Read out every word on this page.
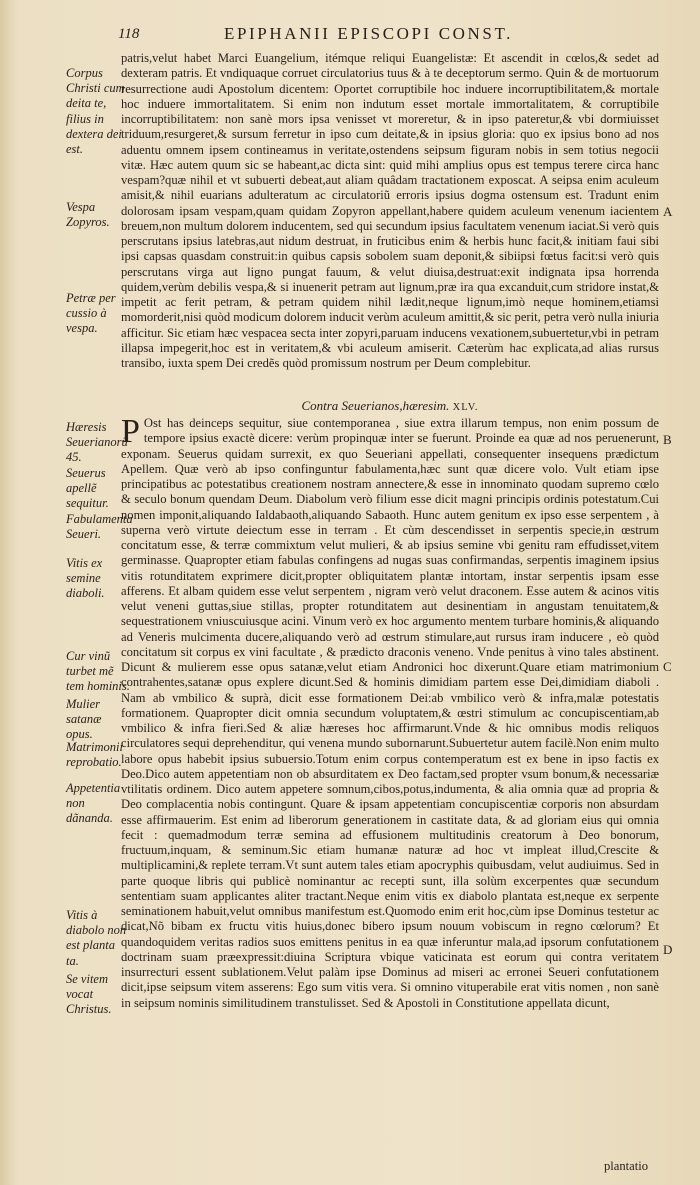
118	EPIPHANII EPISCOPI CONST.
Corpus Christi cum deita te, filius in dextera dei est.
Vespa Zopyros.
Petræ per cussio à vespa.
Hæresis Seuerianorũ 45.
Seuerus apellẽ sequitur.
Fabulamenta Seueri.
Vitis ex semine diaboli.
Cur vinũ turbet mẽ tem hominis.
Mulier satanæ opus.
Matrimonii reprobatio.
Appetentia non dãnanda.
Vitis à diabolo non est planta ta.
Se vitem vocat Christus.
A
B
C
D

patris,velut habet Marci Euangelium, itémque reliqui Euangelistæ: Et ascendit in cœlos,& sedet ad dexteram patris. Et vndiquaque corruet circulatorius tuus & à te deceptorum sermo. Quin & de mortuorum resurrectione audi Apostolum dicentem: Oportet corruptibile hoc induere incorruptibilitatem,& mortale hoc induere immortalitatem. Si enim non indutum esset mortale immortalitatem, & corruptibile incorruptibilitatem: non sanè mors ipsa venisset vt moreretur, & in ipso pateretur,& vbi dormiuisset triduum,resurgeret,& sursum ferretur in ipso cum deitate,& in ipsius gloria: quo ex ipsius bono ad nos aduentu omnem ipsem contineamus in veritate,ostendens seipsum figuram nobis in sem totius negocii vitæ. Hæc autem quum sic se habeant,ac dicta sint: quid mihi amplius opus est tempus terere circa hanc vespam?quæ nihil et vt subuerti debeat,aut aliam quâdam tractationem exposcat. A seipsa enim aculeum amisit,& nihil euarians adulteratum ac circulatoriũ erroris ipsius dogma ostensum est. Tradunt enim dolorosam ipsam vespam,quam quidam Zopyron appellant,habere quidem aculeum venenum iacientem breuem,non multum dolorem inducentem, sed qui secundum ipsius facultatem venenum iaciat.Si verò quis perscrutans ipsius latebras,aut nidum destruat, in fruticibus enim & herbis hunc facit,& initiam faui sibi ipsi capsas quasdam construit:in quibus capsis sobolem suam deponit,& sibiipsi fœtus facit:si verò quis perscrutans virga aut ligno pungat fauum, & velut diuisa,destruat:exit indignata ipsa horrenda quidem,verùm debilis vespa,& si inuenerit petram aut lignum,præ ira qua excanduit,cum stridore instat,& impetit ac ferit petram, & petram quidem nihil lædit,neque lignum,imò neque hominem,etiamsi momorderit,nisi quòd modicum dolorem inducit verùm aculeum amittit,& sic perit, petra verò nulla iniuria afficitur. Sic etiam hæc vespacea secta inter zopyri,paruam inducens vexationem,subuertetur,vbi in petram illapsa impegerit,hoc est in veritatem,& vbi aculeum amiserit. Cæterùm hac explicata,ad alias rursus transibo, iuxta spem Dei credẽs quòd promissum nostrum per Deum complebitur.

Contra Seuerianos,hæresim. XLV.

P Ost has deinceps sequitur, siue contemporanea , siue extra illarum tempus, non enim possum de tempore ipsius exactè dicere: verùm propinquæ inter se fuerunt. Proinde ea quæ ad nos peruenerunt, exponam. Seuerus quidam surrexit, ex quo Seueriani appellati, consequenter insequens prædictum Apellem. Quæ verò ab ipso confinguntur fabulamenta,hæc sunt quæ dicere volo. Vult etiam ipse principatibus ac potestatibus creationem nostram annectere,& esse in innominato quodam supremo cœlo & seculo bonum quendam Deum. Diabolum verò filium esse dicit magni principis ordinis potestatum.Cui nomen imponit,aliquando Ialdabaoth,aliquando Sabaoth. Hunc autem genitum ex ipso esse serpentem , à superna verò virtute deiectum esse in terram . Et cùm descendisset in serpentis specie,in œstrum concitatum esse, & terræ commixtum velut mulieri, & ab ipsius semine vbi genitu ram effudisset,vitem germinasse. Quapropter etiam fabulas confingens ad nugas suas confirmandas, serpentis imaginem ipsius vitis rotunditatem exprimere dicit,propter obliquitatem plantæ intortam, instar serpentis ipsam esse afferens. Et albam quidem esse velut serpentem , nigram verò velut draconem. Esse autem & acinos vitis velut veneni guttas,siue stillas, propter rotunditatem aut desinentiam in angustam tenuitatem,& sequestrationem vniuscuiusque acini. Vinum verò ex hoc argumento mentem turbare hominis,& aliquando ad Veneris mulcimenta ducere,aliquando verò ad œstrum stimulare,aut rursus iram inducere , eò quòd concitatum sit corpus ex vini facultate , & prædicto draconis veneno. Vnde penitus à vino tales abstinent. Dicunt & mulierem esse opus satanæ,velut etiam Andronici hoc dixerunt.Quare etiam matrimonium contrahentes,satanæ opus explere dicunt.Sed & hominis dimidiam partem esse Dei,dimidiam diaboli . Nam ab vmbilico & suprà, dicit esse formationem Dei:ab vmbilico verò & infra,malæ potestatis formationem. Quapropter dicit omnia secundum voluptatem,& œstri stimulum ac concupiscentiam,ab vmbilico & infra fieri.Sed & aliæ hæreses hoc affirmarunt.Vnde & hic omnibus modis reliquos circulatores sequi deprehenditur, qui venena mundo subornarunt.Subuertetur autem facilè.Non enim multo labore opus habebit ipsius subuersio.Totum enim corpus contemperatum est ex bene in ipso factis ex Deo.Dico autem appetentiam non ob absurditatem ex Deo factam,sed propter vsum bonum,& necessariæ vtilitatis ordinem. Dico autem appetere somnum,cibos,potus,indumenta, & alia omnia quæ ad propria & Deo complacentia nobis contingunt. Quare & ipsam appetentiam concupiscentiæ corporis non absurdam esse affirmauerim. Est enim ad liberorum generationem in castitate data, & ad gloriam eius qui omnia fecit : quemadmodum terræ semina ad effusionem multitudinis creatorum à Deo bonorum, fructuum,inquam, & seminum.Sic etiam humanæ naturæ ad hoc vt impleat illud,Crescite & multiplicamini,& replete terram.Vt sunt autem tales etiam apocryphis quibusdam, velut audiuimus. Sed in parte quoque libris qui publicè nominantur ac recepti sunt, illa solùm excerpentes quæ secundum sententiam suam applicantes aliter tractant.Neque enim vitis ex diabolo plantata est,neque ex serpente seminationem habuit,velut omnibus manifestum est.Quomodo enim erit hoc,cùm ipse Dominus testetur ac dicat,Nõ bibam ex fructu vitis huius,donec bibero ipsum nouum vobiscum in regno cœlorum? Et quandoquidem veritas radios suos emittens penitus in ea quæ inferuntur mala,ad ipsorum confutationem doctrinam suam præexpressit:diuina Scriptura vbique vaticinata est eorum qui contra veritatem insurrecturi essent sublationem.Velut palàm ipse Dominus ad miseri ac erronei Seueri confutationem dicit,ipse seipsum vitem asserens: Ego sum vitis vera. Si omnino vituperabile erat vitis nomen , non sanè in seipsum nominis similitudinem transtulisset. Sed & Apostoli in Constitutione appellata dicunt,

plantatio
